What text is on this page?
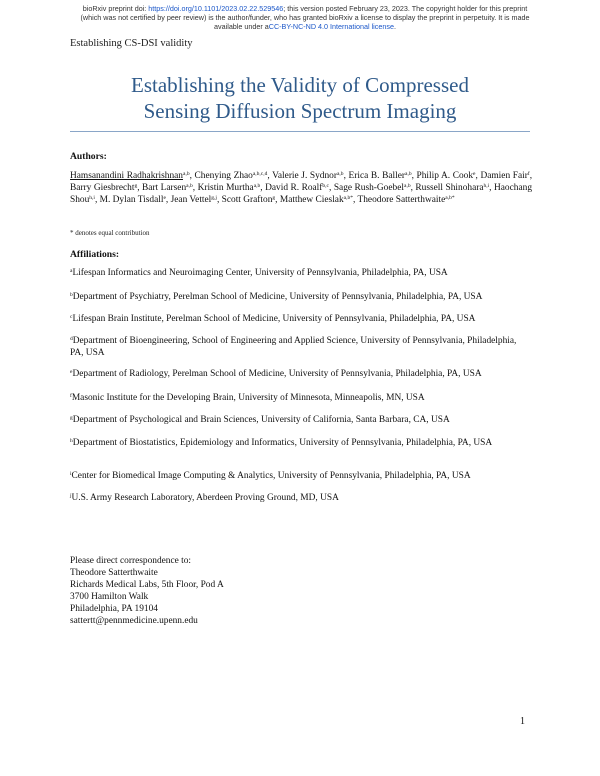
bioRxiv preprint doi: https://doi.org/10.1101/2023.02.22.529546; this version posted February 23, 2023. The copyright holder for this preprint
(which was not certified by peer review) is the author/funder, who has granted bioRxiv a license to display the preprint in perpetuity. It is made
available under aCC-BY-NC-ND 4.0 International license.
Establishing CS-DSI validity
Establishing the Validity of Compressed
Sensing Diffusion Spectrum Imaging
Authors:
Hamsanandini Radhakrishnan$^{a,b}$, Chenying Zhao$^{a,b,c,d}$, Valerie J. Sydnor$^{a,b}$, Erica B. Baller$^{a,b}$, Philip A. Cook$^e$, Damien Fair$^f$, Barry Giesbrecht$^g$, Bart Larsen$^{a,b}$, Kristin Murtha$^{a,b}$, David R. Roalf$^{b,c}$, Sage Rush-Goebel$^{a,b}$, Russell Shinohara$^{h,i}$, Haochang Shou$^{h,i}$, M. Dylan Tisdall$^e$, Jean Vettel$^{g,j}$, Scott Grafton$^g$, Matthew Cieslak$^{a,b*}$, Theodore Satterthwaite$^{a,b*}$
* denotes equal contribution
Affiliations:
$^a$Lifespan Informatics and Neuroimaging Center, University of Pennsylvania, Philadelphia, PA, USA
$^b$Department of Psychiatry, Perelman School of Medicine, University of Pennsylvania, Philadelphia, PA, USA
$^c$Lifespan Brain Institute, Perelman School of Medicine, University of Pennsylvania, Philadelphia, PA, USA
$^d$Department of Bioengineering, School of Engineering and Applied Science, University of Pennsylvania, Philadelphia, PA, USA
$^e$Department of Radiology, Perelman School of Medicine, University of Pennsylvania, Philadelphia, PA, USA
$^f$Masonic Institute for the Developing Brain, University of Minnesota, Minneapolis, MN, USA
$^g$Department of Psychological and Brain Sciences, University of California, Santa Barbara, CA, USA
$^h$Department of Biostatistics, Epidemiology and Informatics, University of Pennsylvania, Philadelphia, PA, USA
$^i$Center for Biomedical Image Computing & Analytics, University of Pennsylvania, Philadelphia, PA, USA
$^j$U.S. Army Research Laboratory, Aberdeen Proving Ground, MD, USA
Please direct correspondence to:
Theodore Satterthwaite
Richards Medical Labs, 5th Floor, Pod A
3700 Hamilton Walk
Philadelphia, PA 19104
sattertt@pennmedicine.upenn.edu
1
